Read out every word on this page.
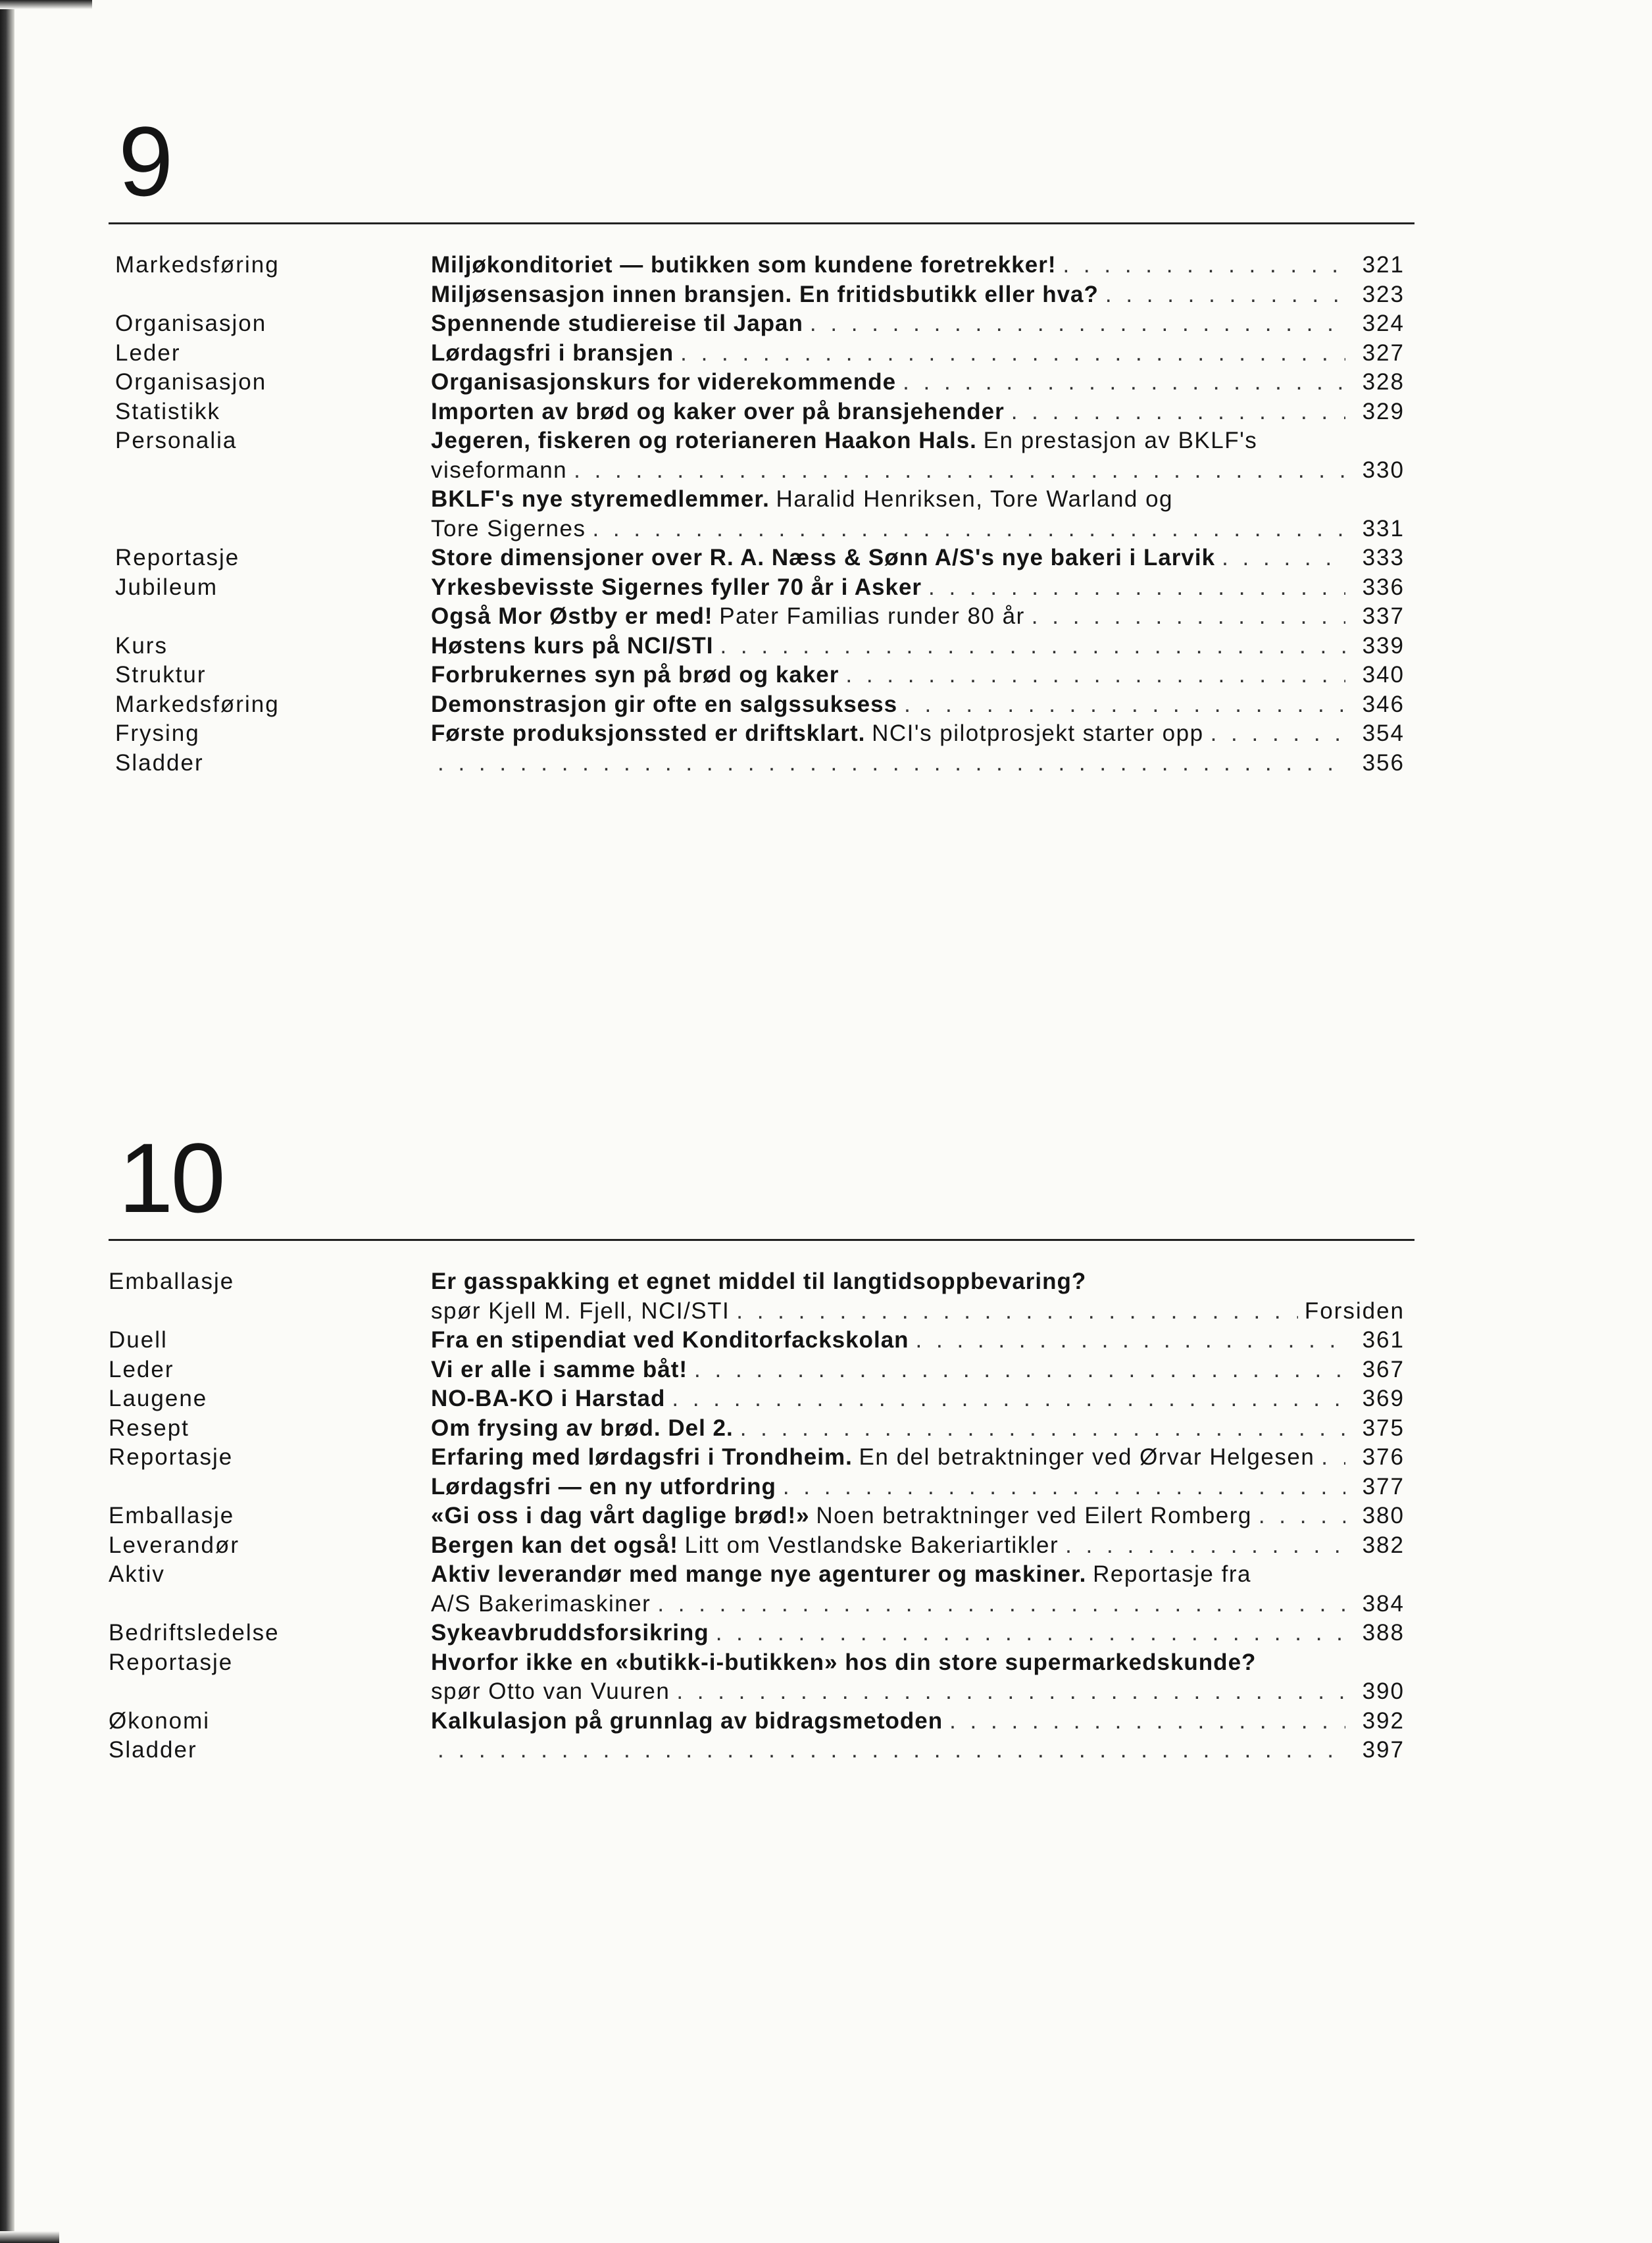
9
Markedsføring	Miljøkonditoriet — butikken som kundene foretrekker! . . .	321
Miljøsensasjon innen bransjen. En fritidsbutikk eller hva? . . .	323
Organisasjon	Spennende studiereise til Japan . . .	324
Leder	Lørdagsfri i bransjen . . .	327
Organisasjon	Organisasjonskurs for viderekommende . . .	328
Statistikk	Importen av brød og kaker over på bransjehender . . .	329
Personalia	Jegeren, fiskeren og roterianeren Haakon Hals.
En prestasjon av BKLF's
viseformann . . .	330
BKLF's nye styremedlemmer.
Haralid Henriksen, Tore Warland og
Tore Sigernes . . .	331
Reportasje	Store dimensjoner over R. A. Næss & Sønn A/S's nye bakeri i Larvik . . .	333
Jubileum	Yrkesbevisste Sigernes fyller 70 år i Asker . . .	336
Også Mor Østby er med!
Pater Familias runder 80 år . . .	337
Kurs	Høstens kurs på NCI/STI . . .	339
Struktur	Forbrukernes syn på brød og kaker . . .	340
Markedsføring	Demonstrasjon gir ofte en salgssuksess . . .	346
Frysing	Første produksjonssted er driftsklart.
NCI's pilotprosjekt starter opp . . .	354
Sladder . . .	356
10
Emballasje	Er gasspakking et egnet middel til langtidsoppbevaring?
spør Kjell M. Fjell, NCI/STI . . .	Forsiden
Duell	Fra en stipendiat ved Konditorfackskolan . . .	361
Leder	Vi er alle i samme båt! . . .	367
Laugene	NO-BA-KO i Harstad . . .	369
Resept	Om frysing av brød. Del 2. . . .	375
Reportasje	Erfaring med lørdagsfri i Trondheim.
En del betraktninger ved Ørvar Helgesen . . .	376
Lørdagsfri — en ny utfordring . . .	377
Emballasje	«Gi oss i dag vårt daglige brød!»
Noen betraktninger ved Eilert Romberg . . .	380
Leverandør	Bergen kan det også!
Litt om Vestlandske Bakeriartikler . . .	382
Aktiv	Aktiv leverandør med mange nye agenturer og maskiner.
Reportasje fra
A/S Bakerimaskiner . . .	384
Bedriftsledelse	Sykeavbruddsforsikring . . .	388
Reportasje	Hvorfor ikke en «butikk-i-butikken» hos din store supermarkedskunde?
spør Otto van Vuuren . . .	390
Økonomi	Kalkulasjon på grunnlag av bidragsmetoden . . .	392
Sladder . . .	397
